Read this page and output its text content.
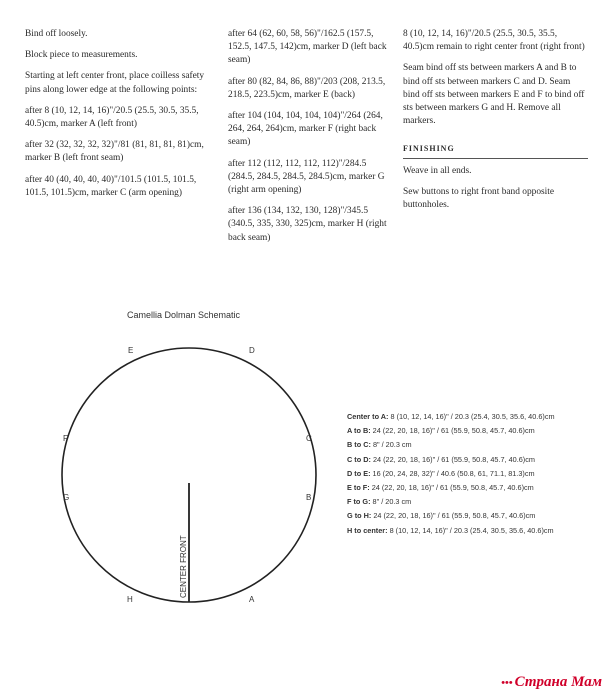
Bind off loosely.

Block piece to measurements.

Starting at left center front, place coilless safety pins along lower edge at the following points:

after 8 (10, 12, 14, 16)"/20.5 (25.5, 30.5, 35.5, 40.5)cm, marker A (left front)

after 32 (32, 32, 32, 32)"/81 (81, 81, 81, 81)cm, marker B (left front seam)

after 40 (40, 40, 40, 40)"/101.5 (101.5, 101.5, 101.5, 101.5)cm, marker C (arm opening)

after 64 (62, 60, 58, 56)"/162.5 (157.5, 152.5, 147.5, 142)cm, marker D (left back seam)

after 80 (82, 84, 86, 88)"/203 (208, 213.5, 218.5, 223.5)cm, marker E (back)

after 104 (104, 104, 104, 104)"/264 (264, 264, 264, 264)cm, marker F (right back seam)

after 112 (112, 112, 112, 112)"/284.5 (284.5, 284.5, 284.5, 284.5)cm, marker G (right arm opening)

after 136 (134, 132, 130, 128)"/345.5 (340.5, 335, 330, 325)cm, marker H (right back seam)

8 (10, 12, 14, 16)"/20.5 (25.5, 30.5, 35.5, 40.5)cm remain to right center front (right front)

Seam bind off sts between markers A and B to bind off sts between markers C and D. Seam bind off sts between markers E and F to bind off sts between markers G and H. Remove all markers.

FINISHING

Weave in all ends.

Sew buttons to right front band opposite buttonholes.

Camellia Dolman Schematic
CENTER FRONT
E	D
F	C
G	B
H	A
Center to A: 8 (10, 12, 14, 16)" / 20.3 (25.4, 30.5, 35.6, 40.6)cm
A to B: 24 (22, 20, 18, 16)" / 61 (55.9, 50.8, 45.7, 40.6)cm
B to C: 8" / 20.3 cm
C to D: 24 (22, 20, 18, 16)" / 61 (55.9, 50.8, 45.7, 40.6)cm
D to E: 16 (20, 24, 28, 32)" / 40.6 (50.8, 61, 71.1, 81.3)cm
E to F: 24 (22, 20, 18, 16)" / 61 (55.9, 50.8, 45.7, 40.6)cm
F to G: 8" / 20.3 cm
G to H: 24 (22, 20, 18, 16)" / 61 (55.9, 50.8, 45.7, 40.6)cm
H to center: 8 (10, 12, 14, 16)" / 20.3 (25.4, 30.5, 35.6, 40.6)cm
••• Страна Мам
